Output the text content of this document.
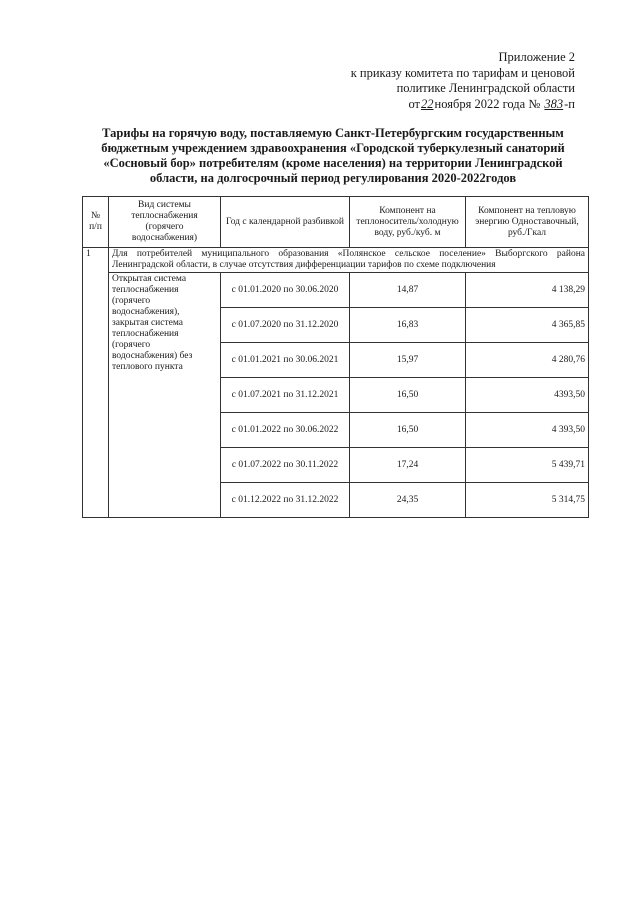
Приложение 2
к приказу комитета по тарифам и ценовой
политике Ленинградской области
от22ноября 2022 года № 383-п
Тарифы на горячую воду, поставляемую Санкт-Петербургским государственным бюджетным учреждением здравоохранения «Городской туберкулезный санаторий «Сосновый бор» потребителям (кроме населения) на территории Ленинградской области, на долгосрочный период регулирования 2020-2022годов
№ п/п	Вид системы теплоснабжения (горячего водоснабжения)	Год с календарной разбивкой	Компонент на теплоноситель/холодную воду, руб./куб. м	Компонент на тепловую энергию Одноставочный, руб./Гкал
1	Для потребителей муниципального образования «Полянское сельское поселение» Выборгского района Ленинградской области, в случае отсутствия дифференциации тарифов по схеме подключения			
	Открытая система теплоснабжения (горячего водоснабжения), закрытая система теплоснабжения (горячего водоснабжения) без теплового пункта	с 01.01.2020 по 30.06.2020	14,87	4 138,29
		с 01.07.2020 по 31.12.2020	16,83	4 365,85
		с 01.01.2021 по 30.06.2021	15,97	4 280,76
		с 01.07.2021 по 31.12.2021	16,50	4393,50
		с 01.01.2022 по 30.06.2022	16,50	4 393,50
		с 01.07.2022 по 30.11.2022	17,24	5 439,71
		с 01.12.2022 по 31.12.2022	24,35	5 314,75
